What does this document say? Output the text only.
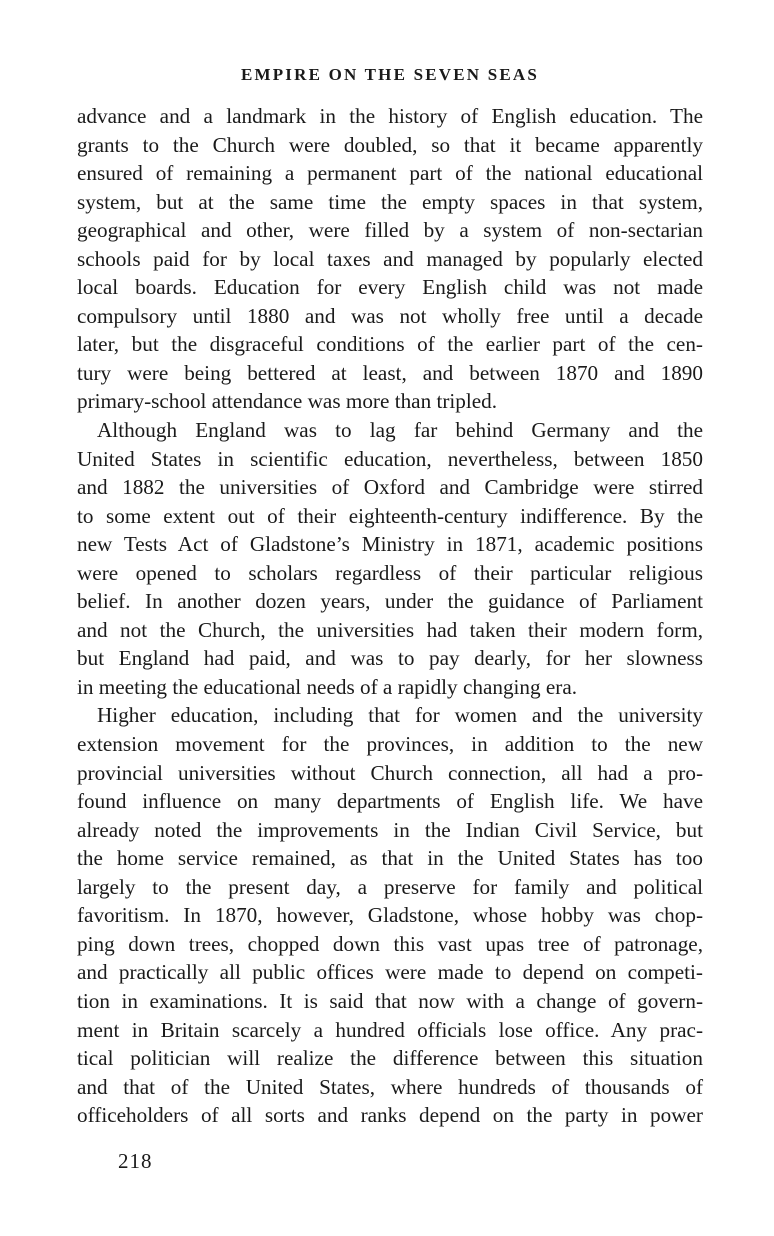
EMPIRE ON THE SEVEN SEAS
advance and a landmark in the history of English education. The
grants to the Church were doubled, so that it became apparently
ensured of remaining a permanent part of the national educational
system, but at the same time the empty spaces in that system,
geographical and other, were filled by a system of non-sectarian
schools paid for by local taxes and managed by popularly elected
local boards. Education for every English child was not made
compulsory until 1880 and was not wholly free until a decade
later, but the disgraceful conditions of the earlier part of the cen-
tury were being bettered at least, and between 1870 and 1890
primary-school attendance was more than tripled.
Although England was to lag far behind Germany and the
United States in scientific education, nevertheless, between 1850
and 1882 the universities of Oxford and Cambridge were stirred
to some extent out of their eighteenth-century indifference. By the
new Tests Act of Gladstone’s Ministry in 1871, academic positions
were opened to scholars regardless of their particular religious
belief. In another dozen years, under the guidance of Parliament
and not the Church, the universities had taken their modern form,
but England had paid, and was to pay dearly, for her slowness
in meeting the educational needs of a rapidly changing era.
Higher education, including that for women and the university
extension movement for the provinces, in addition to the new
provincial universities without Church connection, all had a pro-
found influence on many departments of English life. We have
already noted the improvements in the Indian Civil Service, but
the home service remained, as that in the United States has too
largely to the present day, a preserve for family and political
favoritism. In 1870, however, Gladstone, whose hobby was chop-
ping down trees, chopped down this vast upas tree of patronage,
and practically all public offices were made to depend on competi-
tion in examinations. It is said that now with a change of govern-
ment in Britain scarcely a hundred officials lose office. Any prac-
tical politician will realize the difference between this situation
and that of the United States, where hundreds of thousands of
officeholders of all sorts and ranks depend on the party in power
218
